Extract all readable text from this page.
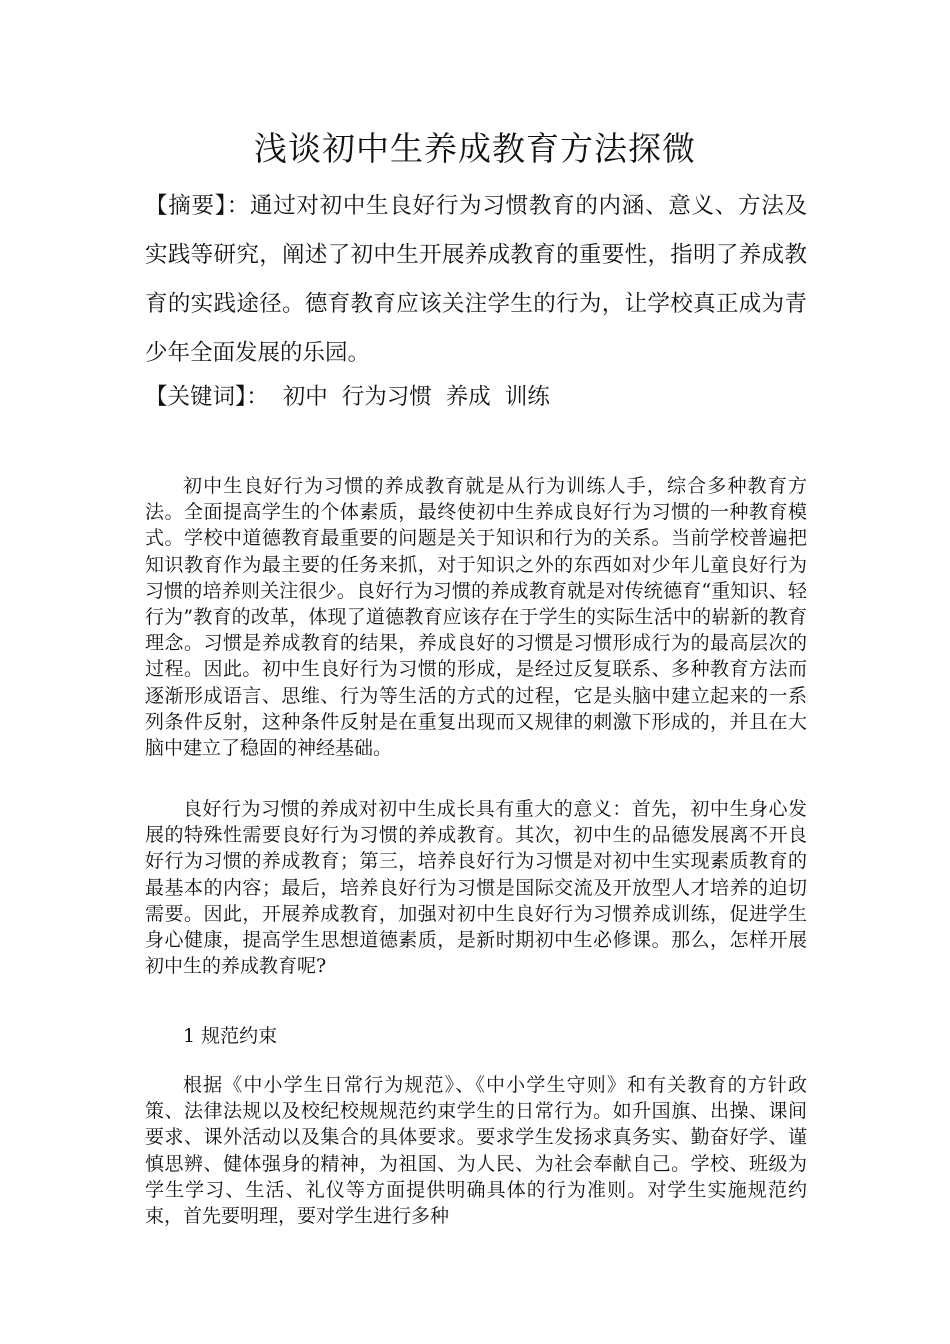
浅谈初中生养成教育方法探微

【摘要】：通过对初中生良好行为习惯教育的内涵、意义、方法及实践等研究，阐述了初中生开展养成教育的重要性，指明了养成教育的实践途径。德育教育应该关注学生的行为，让学校真正成为青少年全面发展的乐园。

【关键词】： 初中 行为习惯 养成 训练

初中生良好行为习惯的养成教育就是从行为训练人手，综合多种教育方法。全面提高学生的个体素质，最终使初中生养成良好行为习惯的一种教育模式。学校中道德教育最重要的问题是关于知识和行为的关系。当前学校普遍把知识教育作为最主要的任务来抓，对于知识之外的东西如对少年儿童良好行为习惯的培养则关注很少。良好行为习惯的养成教育就是对传统德育“重知识、轻行为”教育的改革，体现了道德教育应该存在于学生的实际生活中的崭新的教育理念。习惯是养成教育的结果，养成良好的习惯是习惯形成行为的最高层次的过程。因此。初中生良好行为习惯的形成，是经过反复联系、多种教育方法而逐渐形成语言、思维、行为等生活的方式的过程，它是头脑中建立起来的一系列条件反射，这种条件反射是在重复出现而又规律的刺激下形成的，并且在大脑中建立了稳固的神经基础。

良好行为习惯的养成对初中生成长具有重大的意义：首先，初中生身心发展的特殊性需要良好行为习惯的养成教育。其次，初中生的品德发展离不开良好行为习惯的养成教育；第三，培养良好行为习惯是对初中生实现素质教育的最基本的内容；最后，培养良好行为习惯是国际交流及开放型人才培养的迫切需要。因此，开展养成教育，加强对初中生良好行为习惯养成训练，促进学生身心健康，提高学生思想道德素质，是新时期初中生必修课。那么，怎样开展初中生的养成教育呢?

1 规范约束

根据《中小学生日常行为规范》、《中小学生守则》和有关教育的方针政策、法律法规以及校纪校规规范约束学生的日常行为。如升国旗、出操、课间要求、课外活动以及集合的具体要求。要求学生发扬求真务实、勤奋好学、谨慎思辨、健体强身的精神，为祖国、为人民、为社会奉献自己。学校、班级为学生学习、生活、礼仪等方面提供明确具体的行为准则。对学生实施规范约束，首先要明理，要对学生进行多种
